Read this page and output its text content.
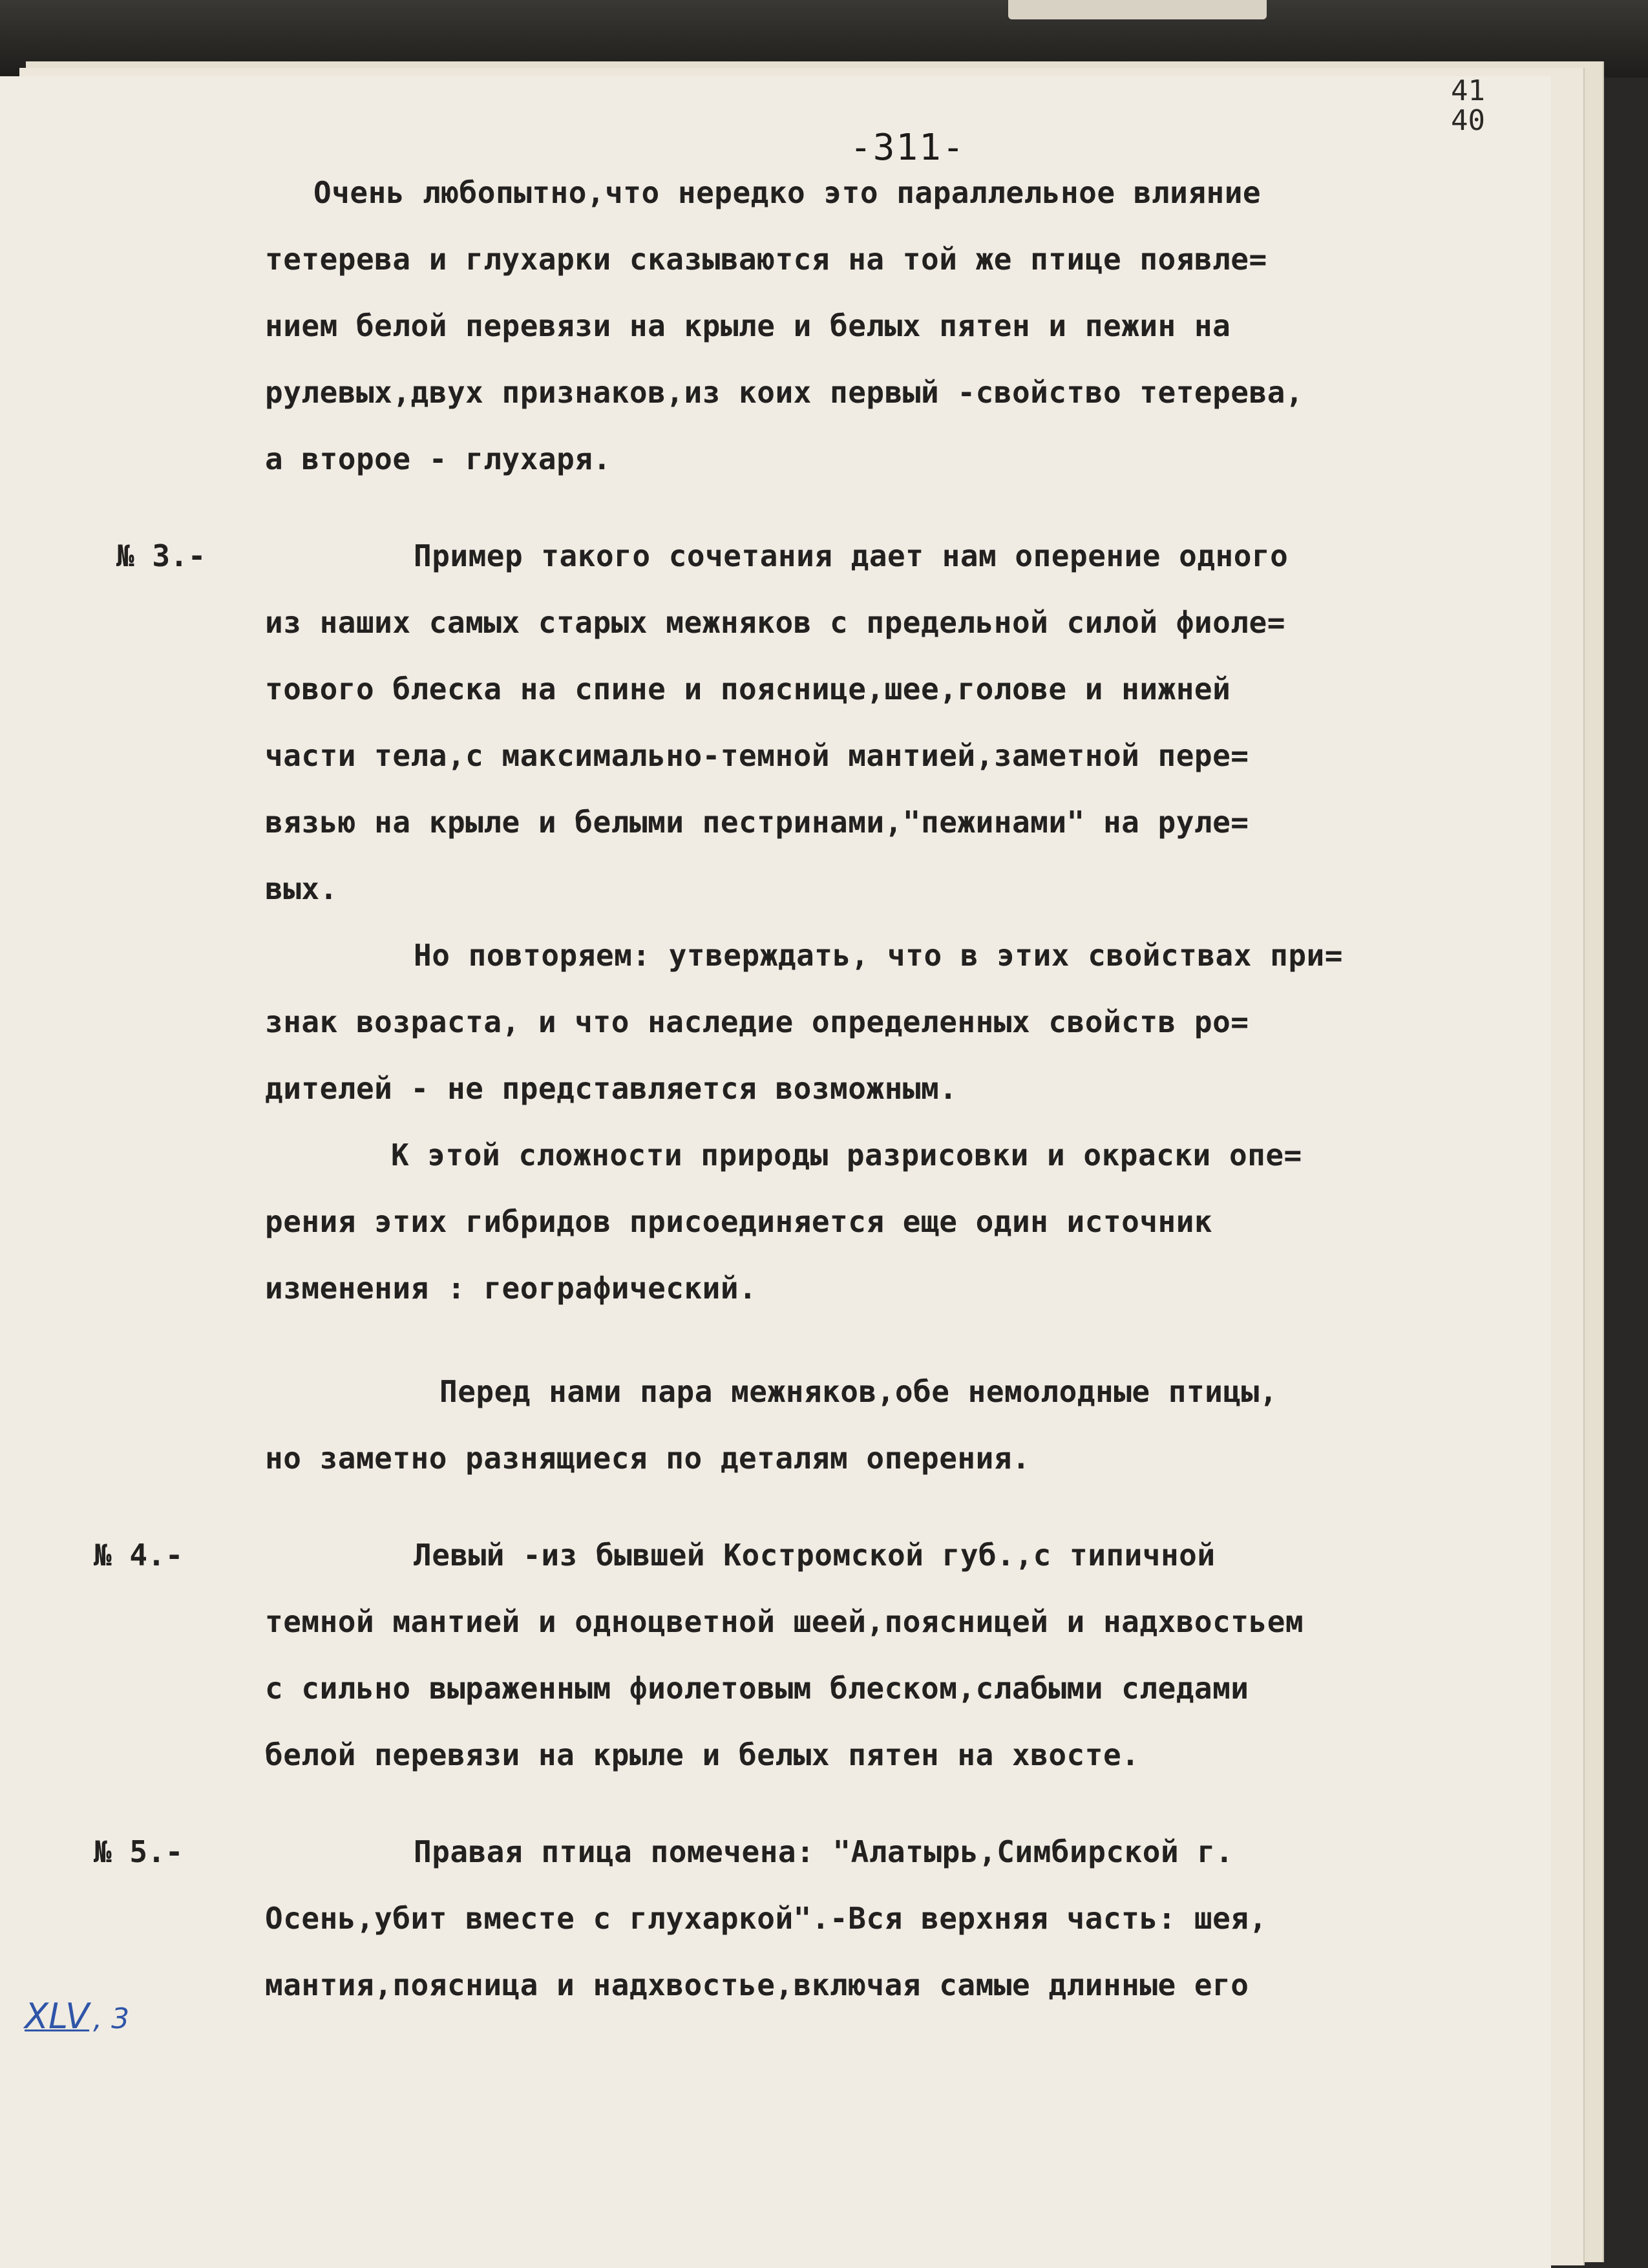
41
40
-311-
Очень любопытно,что нередко это параллельное влияние
тетерева и глухарки сказываются на той же птице появле=
нием белой перевязи на крыле и белых пятен и пежин на
рулевых,двух признаков,из коих первый -свойство тетерева,
а второе - глухаря.
№ 3.-	Пример такого сочетания дает нам оперение одного
из наших самых старых межняков с предельной силой фиоле=
тового блеска на спине и пояснице,шее,голове и нижней
части тела,с максимально-темной мантией,заметной пере=
вязью на крыле и белыми пестринами,"пежинами" на руле=
вых.
Но повторяем: утверждать, что в этих свойствах при=
знак возраста, и что наследие определенных свойств ро=
дителей - не представляется возможным.
К этой сложности природы разрисовки и окраски опе=
рения этих гибридов присоединяется еще один источник
изменения : географический.
Перед нами пара межняков,обе немолодные птицы,
но заметно разнящиеся по деталям оперения.
№ 4.-	Левый -из бывшей Костромской губ.,с типичной
темной мантией и одноцветной шеей,поясницей и надхвостьем
с сильно выраженным фиолетовым блеском,слабыми следами
белой перевязи на крыле и белых пятен на хвосте.
№ 5.-	Правая птица помечена: "Алатырь,Симбирской г.
Осень,убит вместе с глухаркой".-Вся верхняя часть: шея,
мантия,поясница и надхвостье,включая самые длинные его
XLV , 3
